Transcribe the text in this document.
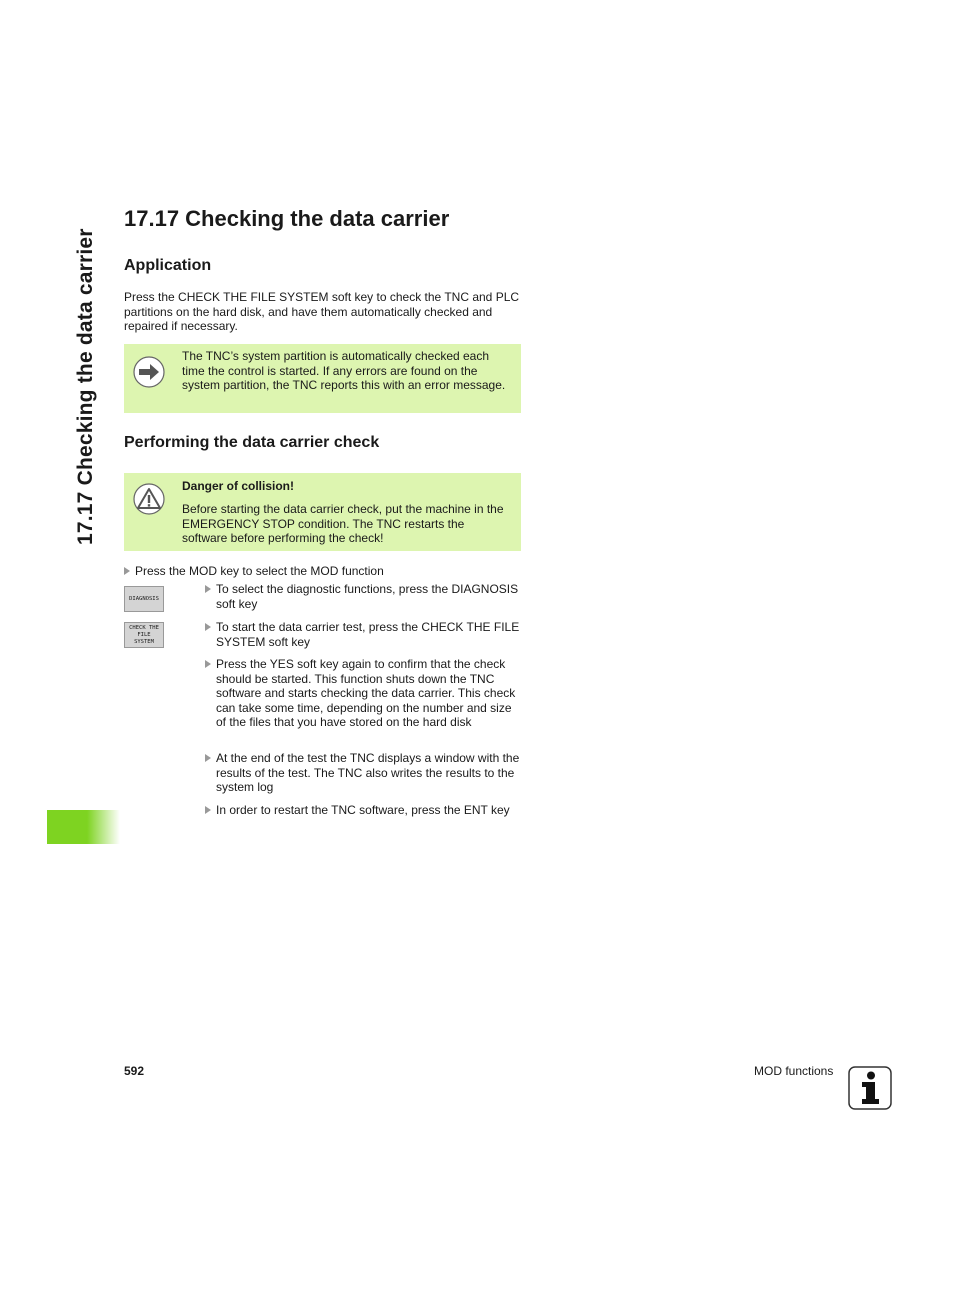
17.17 Checking the data carrier
17.17 Checking the data carrier
Application

Press the CHECK THE FILE SYSTEM soft key to check the TNC and PLC partitions on the hard disk, and have them automatically checked and repaired if necessary.

The TNC’s system partition is automatically checked each time the control is started. If any errors are found on the system partition, the TNC reports this with an error message.
Performing the data carrier check
Danger of collision!
Before starting the data carrier check, put the machine in the EMERGENCY STOP condition. The TNC restarts the software before performing the check!
Press the MOD key to select the MOD function
DIAGNOSIS
To select the diagnostic functions, press the DIAGNOSIS soft key
CHECK THE
FILE
SYSTEM
To start the data carrier test, press the CHECK THE FILE SYSTEM soft key
Press the YES soft key again to confirm that the check should be started. This function shuts down the TNC software and starts checking the data carrier. This check can take some time, depending on the number and size of the files that you have stored on the hard disk
At the end of the test the TNC displays a window with the results of the test. The TNC also writes the results to the system log
In order to restart the TNC software, press the ENT key
592	MOD functions
